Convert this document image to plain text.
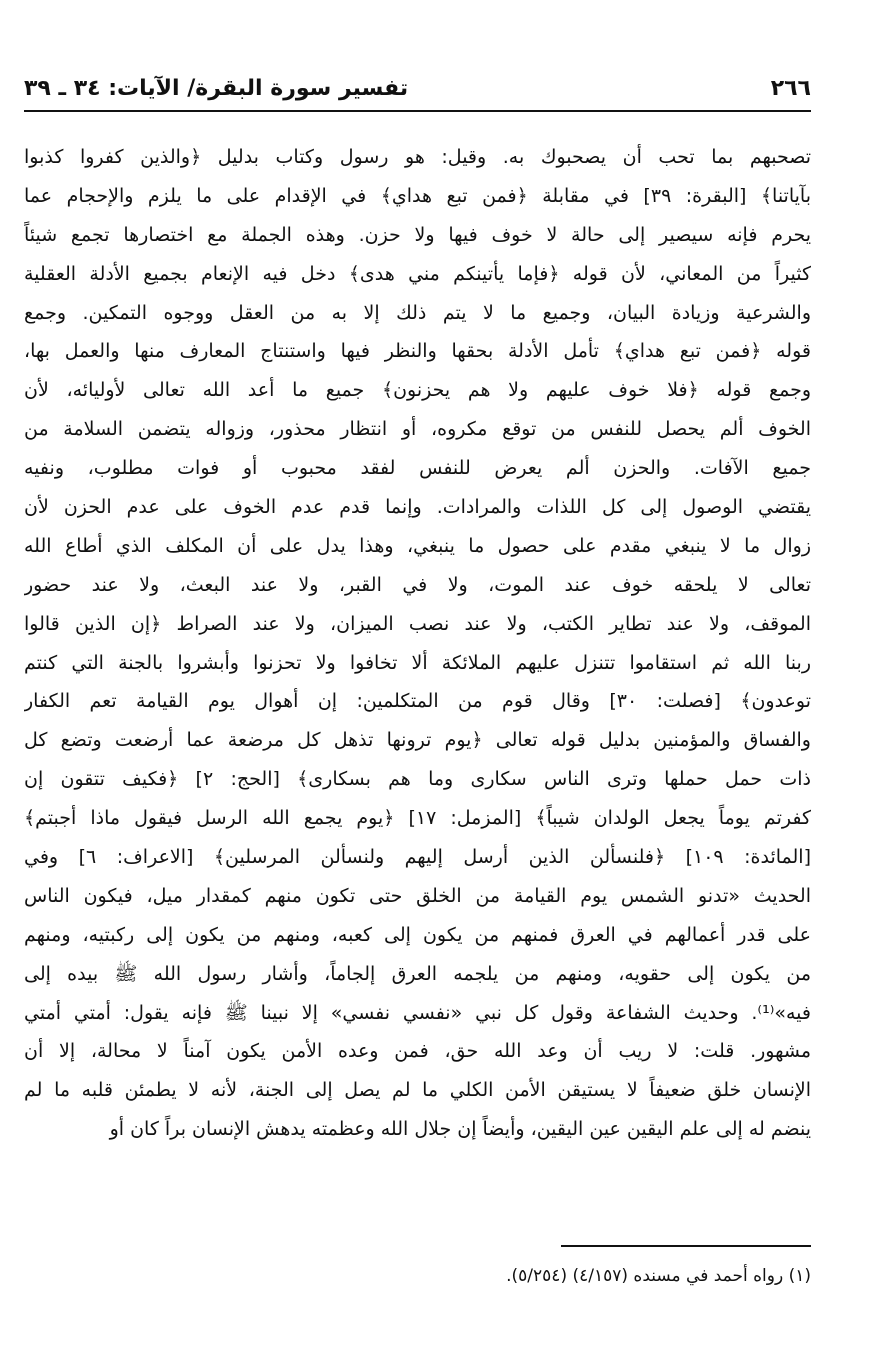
٢٦٦
تفسير سورة البقرة/ الآيات: ٣٤ ـ ٣٩
تصحبهم بما تحب أن يصحبوك به. وقيل: هو رسول وكتاب بدليل ﴿والذين كفروا كذبوا
بآياتنا﴾ [البقرة: ٣٩] في مقابلة ﴿فمن تبع هداي﴾ في الإقدام على ما يلزم والإحجام عما
يحرم فإنه سيصير إلى حالة لا خوف فيها ولا حزن. وهذه الجملة مع اختصارها تجمع شيئاً
كثيراً من المعاني، لأن قوله ﴿فإما يأتينكم مني هدى﴾ دخل فيه الإنعام بجميع الأدلة العقلية
والشرعية وزيادة البيان، وجميع ما لا يتم ذلك إلا به من العقل ووجوه التمكين. وجمع
قوله ﴿فمن تبع هداي﴾ تأمل الأدلة بحقها والنظر فيها واستنتاج المعارف منها والعمل بها،
وجمع قوله ﴿فلا خوف عليهم ولا هم يحزنون﴾ جميع ما أعد الله تعالى لأوليائه، لأن
الخوف ألم يحصل للنفس من توقع مكروه، أو انتظار محذور، وزواله يتضمن السلامة من
جميع الآفات. والحزن ألم يعرض للنفس لفقد محبوب أو فوات مطلوب، ونفيه
يقتضي الوصول إلى كل اللذات والمرادات. وإنما قدم عدم الخوف على عدم الحزن لأن
زوال ما لا ينبغي مقدم على حصول ما ينبغي، وهذا يدل على أن المكلف الذي أطاع الله
تعالى لا يلحقه خوف عند الموت، ولا في القبر، ولا عند البعث، ولا عند حضور
الموقف، ولا عند تطاير الكتب، ولا عند نصب الميزان، ولا عند الصراط ﴿إن الذين قالوا
ربنا الله ثم استقاموا تتنزل عليهم الملائكة ألا تخافوا ولا تحزنوا وأبشروا بالجنة التي كنتم
توعدون﴾ [فصلت: ٣٠] وقال قوم من المتكلمين: إن أهوال يوم القيامة تعم الكفار
والفساق والمؤمنين بدليل قوله تعالى ﴿يوم ترونها تذهل كل مرضعة عما أرضعت وتضع كل
ذات حمل حملها وترى الناس سكارى وما هم بسكارى﴾ [الحج: ٢] ﴿فكيف تتقون إن
كفرتم يوماً يجعل الولدان شيباً﴾ [المزمل: ١٧] ﴿يوم يجمع الله الرسل فيقول ماذا أجبتم﴾
[المائدة: ١٠٩] ﴿فلنسألن الذين أرسل إليهم ولنسألن المرسلين﴾ [الاعراف: ٦] وفي
الحديث «تدنو الشمس يوم القيامة من الخلق حتى تكون منهم كمقدار ميل، فيكون الناس
على قدر أعمالهم في العرق فمنهم من يكون إلى كعبه، ومنهم من يكون إلى ركبتيه، ومنهم
من يكون إلى حقويه، ومنهم من يلجمه العرق إلجاماً، وأشار رسول الله ﷺ بيده إلى
فيه»⁽¹⁾. وحديث الشفاعة وقول كل نبي «نفسي نفسي» إلا نبينا ﷺ فإنه يقول: أمتي أمتي
مشهور. قلت: لا ريب أن وعد الله حق، فمن وعده الأمن يكون آمناً لا محالة، إلا أن
الإنسان خلق ضعيفاً لا يستيقن الأمن الكلي ما لم يصل إلى الجنة، لأنه لا يطمئن قلبه ما لم
ينضم له إلى علم اليقين عين اليقين، وأيضاً إن جلال الله وعظمته يدهش الإنسان براً كان أو
(١) رواه أحمد في مسنده (٤/١٥٧) (٥/٢٥٤).
